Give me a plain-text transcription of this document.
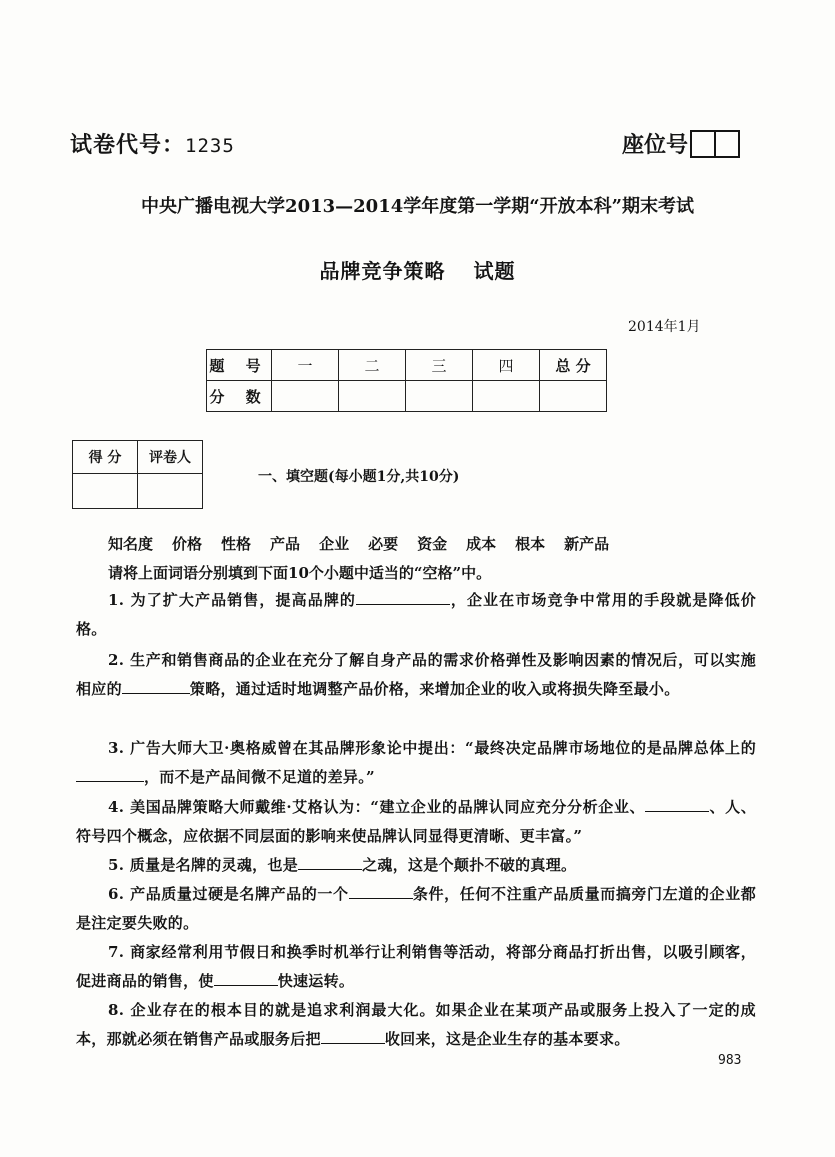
试卷代号：1235	座位号
中央广播电视大学2013—2014学年度第一学期“开放本科”期末考试
品牌竞争策略 试题
2014年1月
题 号	一	二	三	四	总 分
分 数					
得 分	评卷人

一、填空题(每小题1分,共10分)
知名度 价格 性格 产品 企业 必要 资金 成本 根本 新产品
请将上面词语分别填到下面10个小题中适当的“空格”中。
1. 为了扩大产品销售，提高品牌的	，企业在市场竞争中常用的手段就是降低价格。
2. 生产和销售商品的企业在充分了解自身产品的需求价格弹性及影响因素的情况后，可以实施相应的	策略，通过适时地调整产品价格，来增加企业的收入或将损失降至最小。
3. 广告大师大卫·奥格威曾在其品牌形象论中提出：“最终决定品牌市场地位的是品牌总体上的，而不是产品间微不足道的差异。”
4. 美国品牌策略大师戴维·艾格认为：“建立企业的品牌认同应充分分析企业、	、人、符号四个概念，应依据不同层面的影响来使品牌认同显得更清晰、更丰富。”
5. 质量是名牌的灵魂，也是	之魂，这是个颠扑不破的真理。
6. 产品质量过硬是名牌产品的一个	条件，任何不注重产品质量而搞旁门左道的企业都是注定要失败的。
7. 商家经常利用节假日和换季时机举行让利销售等活动，将部分商品打折出售，以吸引顾客，促进商品的销售，使	快速运转。
8. 企业存在的根本目的就是追求利润最大化。如果企业在某项产品或服务上投入了一定的成本，那就必须在销售产品或服务后把	收回来，这是企业生存的基本要求。
983
